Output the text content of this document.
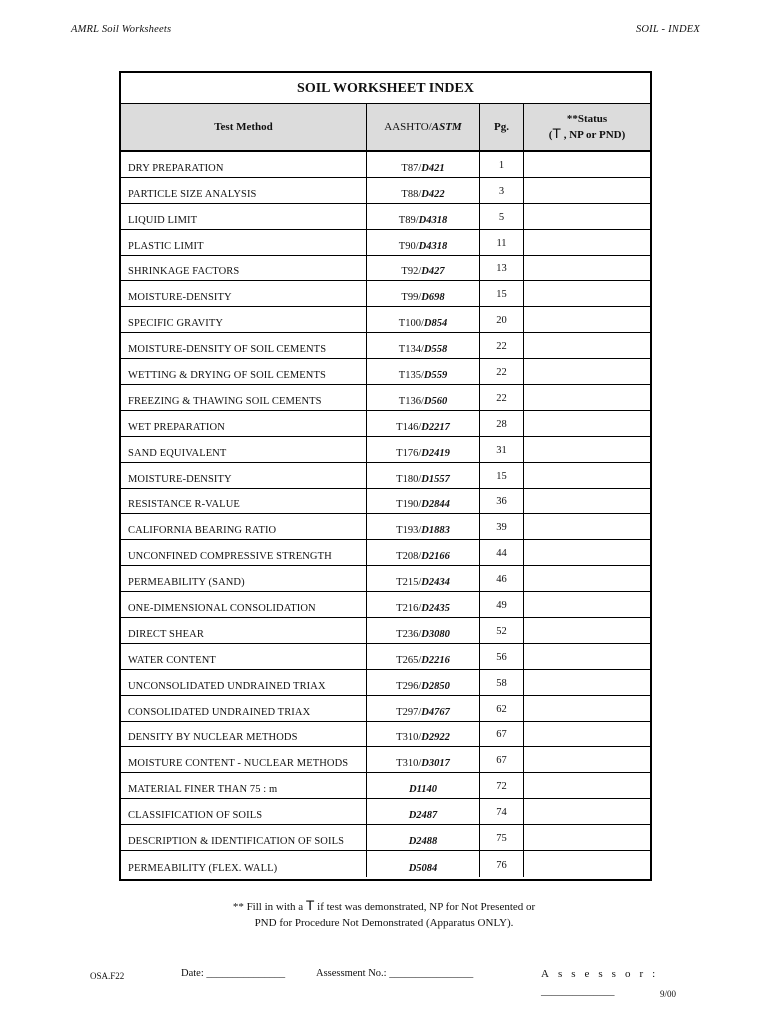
AMRL Soil Worksheets	SOIL - INDEX
SOIL WORKSHEET INDEX
Test Method	AASHTO/ ASTM	Pg.
**Status
(T , NP or PND)
DRY PREPARATION	T87/ D421	1
PARTICLE SIZE ANALYSIS	T88/ D422	3
LIQUID LIMIT	T89/ D4318	5
PLASTIC LIMIT	T90/ D4318	11
SHRINKAGE FACTORS	T92/ D427	13
MOISTURE-DENSITY	T99/ D698	15
SPECIFIC GRAVITY	T100/ D854	20
MOISTURE-DENSITY OF SOIL CEMENTS	T134/ D558	22
WETTING & DRYING OF SOIL CEMENTS	T135/ D559	22
FREEZING & THAWING SOIL CEMENTS	T136/ D560	22
WET PREPARATION	T146/ D2217	28
SAND EQUIVALENT	T176/ D2419	31
MOISTURE-DENSITY	T180/ D1557	15
RESISTANCE R-VALUE	T190/ D2844	36
CALIFORNIA BEARING RATIO	T193/ D1883	39
UNCONFINED COMPRESSIVE STRENGTH	T208/ D2166	44
PERMEABILITY (SAND)	T215/ D2434	46
ONE-DIMENSIONAL CONSOLIDATION	T216/ D2435	49
DIRECT SHEAR	T236/ D3080	52
WATER CONTENT	T265/ D2216	56
UNCONSOLIDATED UNDRAINED TRIAX	T296/ D2850	58
CONSOLIDATED UNDRAINED TRIAX	T297/ D4767	62
DENSITY BY NUCLEAR METHODS	T310/ D2922	67
MOISTURE CONTENT - NUCLEAR METHODS	T310/ D3017	67
MATERIAL FINER THAN 75 : m	D1140	72
CLASSIFICATION OF SOILS	D2487	74
DESCRIPTION & IDENTIFICATION OF SOILS	D2488	75
PERMEABILITY (FLEX. WALL)	D5084	76
** Fill in with a T if test was demonstrated, NP for Not Presented or
PND for Procedure Not Demonstrated (Apparatus ONLY).
OSA.F22	Date: _______________	Assessment No.: ________________	Assessor:
______________	9/00
